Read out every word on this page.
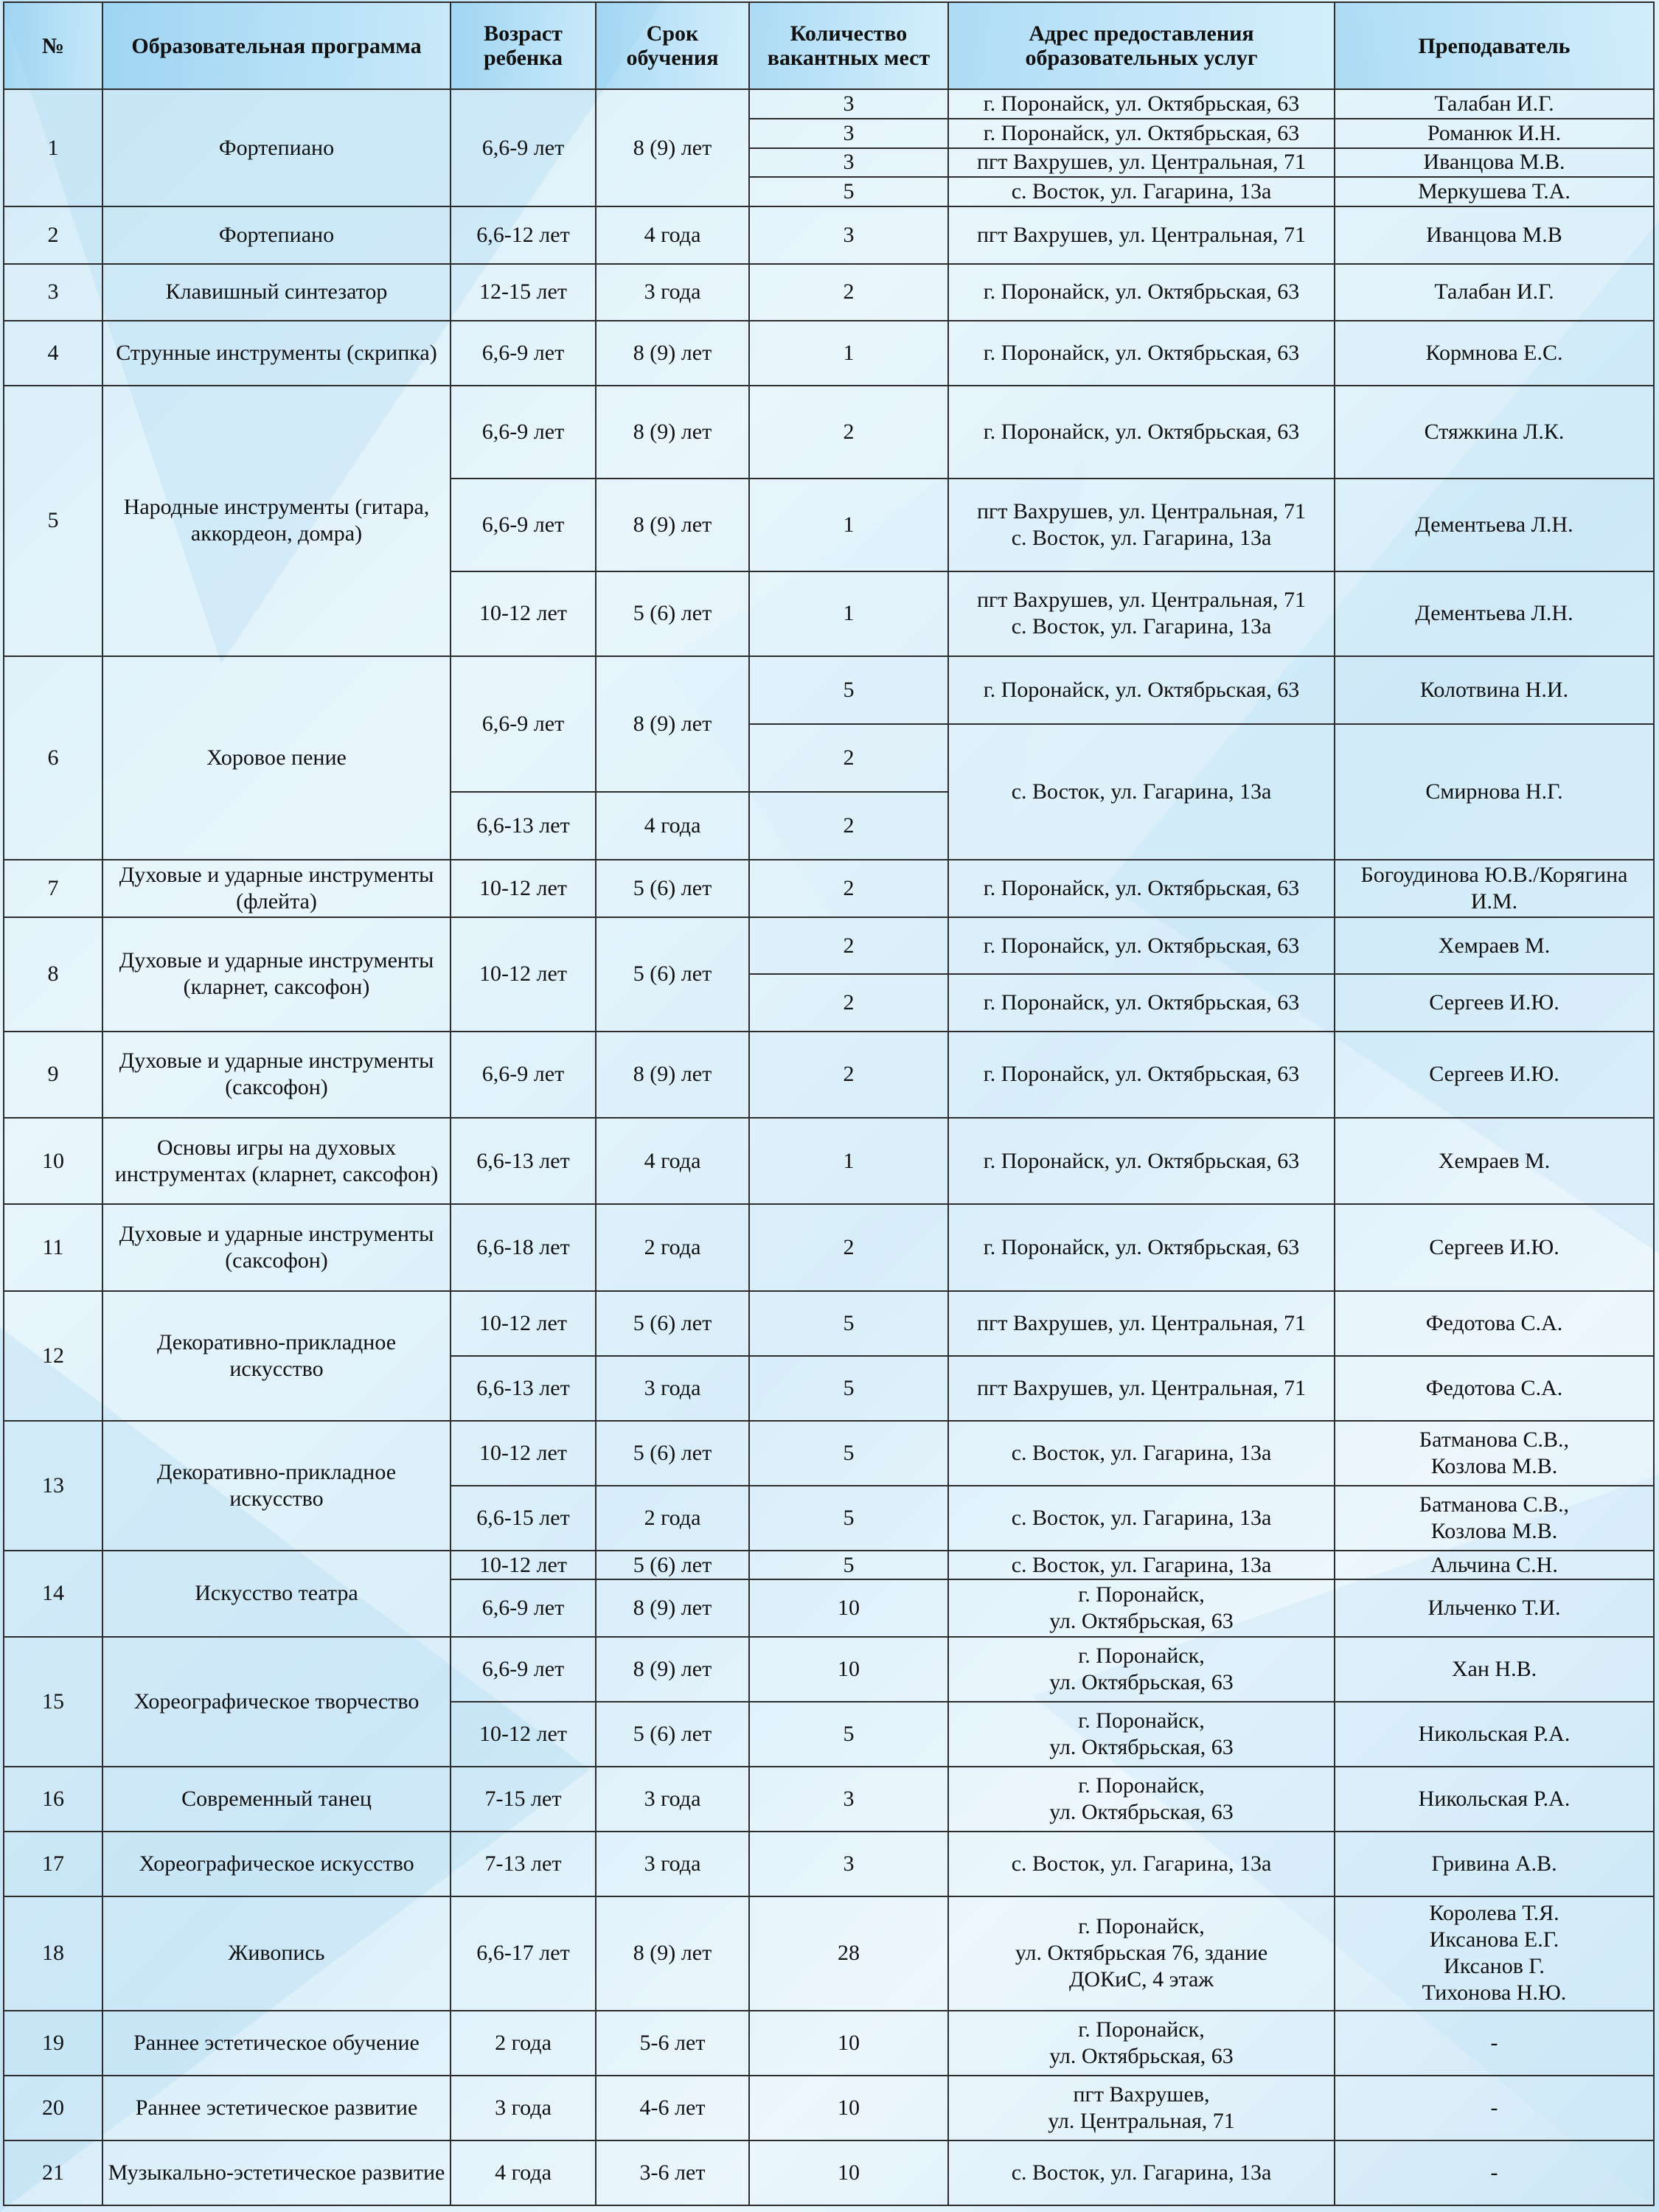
№	Образовательная программа	Возраст ребенка	Срок обучения	Количество вакантных мест	Адрес предоставления образовательных услуг	Преподаватель
1	Фортепиано	6,6-9 лет	8 (9) лет	3	г. Поронайск, ул. Октябрьская, 63	Талабан И.Г.
				3	г. Поронайск, ул. Октябрьская, 63	Романюк И.Н.
				3	пгт Вахрушев, ул. Центральная, 71	Иванцова М.В.
				5	с. Восток, ул. Гагарина, 13а	Меркушева Т.А.
2	Фортепиано	6,6-12 лет	4 года	3	пгт Вахрушев, ул. Центральная, 71	Иванцова М.В
3	Клавишный синтезатор	12-15 лет	3 года	2	г. Поронайск, ул. Октябрьская, 63	Талабан И.Г.
4	Струнные инструменты (скрипка)	6,6-9 лет	8 (9) лет	1	г. Поронайск, ул. Октябрьская, 63	Кормнова Е.С.
5	Народные инструменты (гитара, аккордеон, домра)	6,6-9 лет	8 (9) лет	2	г. Поронайск, ул. Октябрьская, 63	Стяжкина Л.К.
		6,6-9 лет	8 (9) лет	1	пгт Вахрушев, ул. Центральная, 71
с. Восток, ул. Гагарина, 13а	Дементьева Л.Н.
		10-12 лет	5 (6) лет	1	пгт Вахрушев, ул. Центральная, 71
с. Восток, ул. Гагарина, 13а	Дементьева Л.Н.
6	Хоровое пение	6,6-9 лет	8 (9) лет	5	г. Поронайск, ул. Октябрьская, 63	Колотвина Н.И.
				2	с. Восток, ул. Гагарина, 13а	Смирнова Н.Г.
		6,6-13 лет	4 года	2		
7	Духовые и ударные инструменты (флейта)	10-12 лет	5 (6) лет	2	г. Поронайск, ул. Октябрьская, 63	Богоудинова Ю.В./Корягина И.М.
8	Духовые и ударные инструменты (кларнет, саксофон)	10-12 лет	5 (6) лет	2	г. Поронайск, ул. Октябрьская, 63	Хемраев М.
				2	г. Поронайск, ул. Октябрьская, 63	Сергеев И.Ю.
9	Духовые и ударные инструменты (саксофон)	6,6-9 лет	8 (9) лет	2	г. Поронайск, ул. Октябрьская, 63	Сергеев И.Ю.
10	Основы игры на духовых инструментах (кларнет, саксофон)	6,6-13 лет	4 года	1	г. Поронайск, ул. Октябрьская, 63	Хемраев М.
11	Духовые и ударные инструменты (саксофон)	6,6-18 лет	2 года	2	г. Поронайск, ул. Октябрьская, 63	Сергеев И.Ю.
12	Декоративно-прикладное искусство	10-12 лет	5 (6) лет	5	пгт Вахрушев, ул. Центральная, 71	Федотова С.А.
		6,6-13 лет	3 года	5	пгт Вахрушев, ул. Центральная, 71	Федотова С.А.
13	Декоративно-прикладное искусство	10-12 лет	5 (6) лет	5	с. Восток, ул. Гагарина, 13а	Батманова С.В.,
Козлова М.В.
		6,6-15 лет	2 года	5	с. Восток, ул. Гагарина, 13а	Батманова С.В.,
Козлова М.В.
14	Искусство театра	10-12 лет	5 (6) лет	5	с. Восток, ул. Гагарина, 13а	Альчина С.Н.
		6,6-9 лет	8 (9) лет	10	г. Поронайск,
ул. Октябрьская, 63	Ильченко Т.И.
15	Хореографическое творчество	6,6-9 лет	8 (9) лет	10	г. Поронайск,
ул. Октябрьская, 63	Хан Н.В.
		10-12 лет	5 (6) лет	5	г. Поронайск,
ул. Октябрьская, 63	Никольская Р.А.
16	Современный танец	7-15 лет	3 года	3	г. Поронайск,
ул. Октябрьская, 63	Никольская Р.А.
17	Хореографическое искусство	7-13 лет	3 года	3	с. Восток, ул. Гагарина, 13а	Гривина А.В.
18	Живопись	6,6-17 лет	8 (9) лет	28	г. Поронайск,
ул. Октябрьская 76, здание
ДОКиС, 4 этаж	Королева Т.Я.
Иксанова Е.Г.
Иксанов Г.
Тихонова Н.Ю.
19	Раннее эстетическое обучение	2 года	5-6 лет	10	г. Поронайск,
ул. Октябрьская, 63	-
20	Раннее эстетическое развитие	3 года	4-6 лет	10	пгт Вахрушев,
ул. Центральная, 71	-
21	Музыкально-эстетическое развитие	4 года	3-6 лет	10	с. Восток, ул. Гагарина, 13а	-
